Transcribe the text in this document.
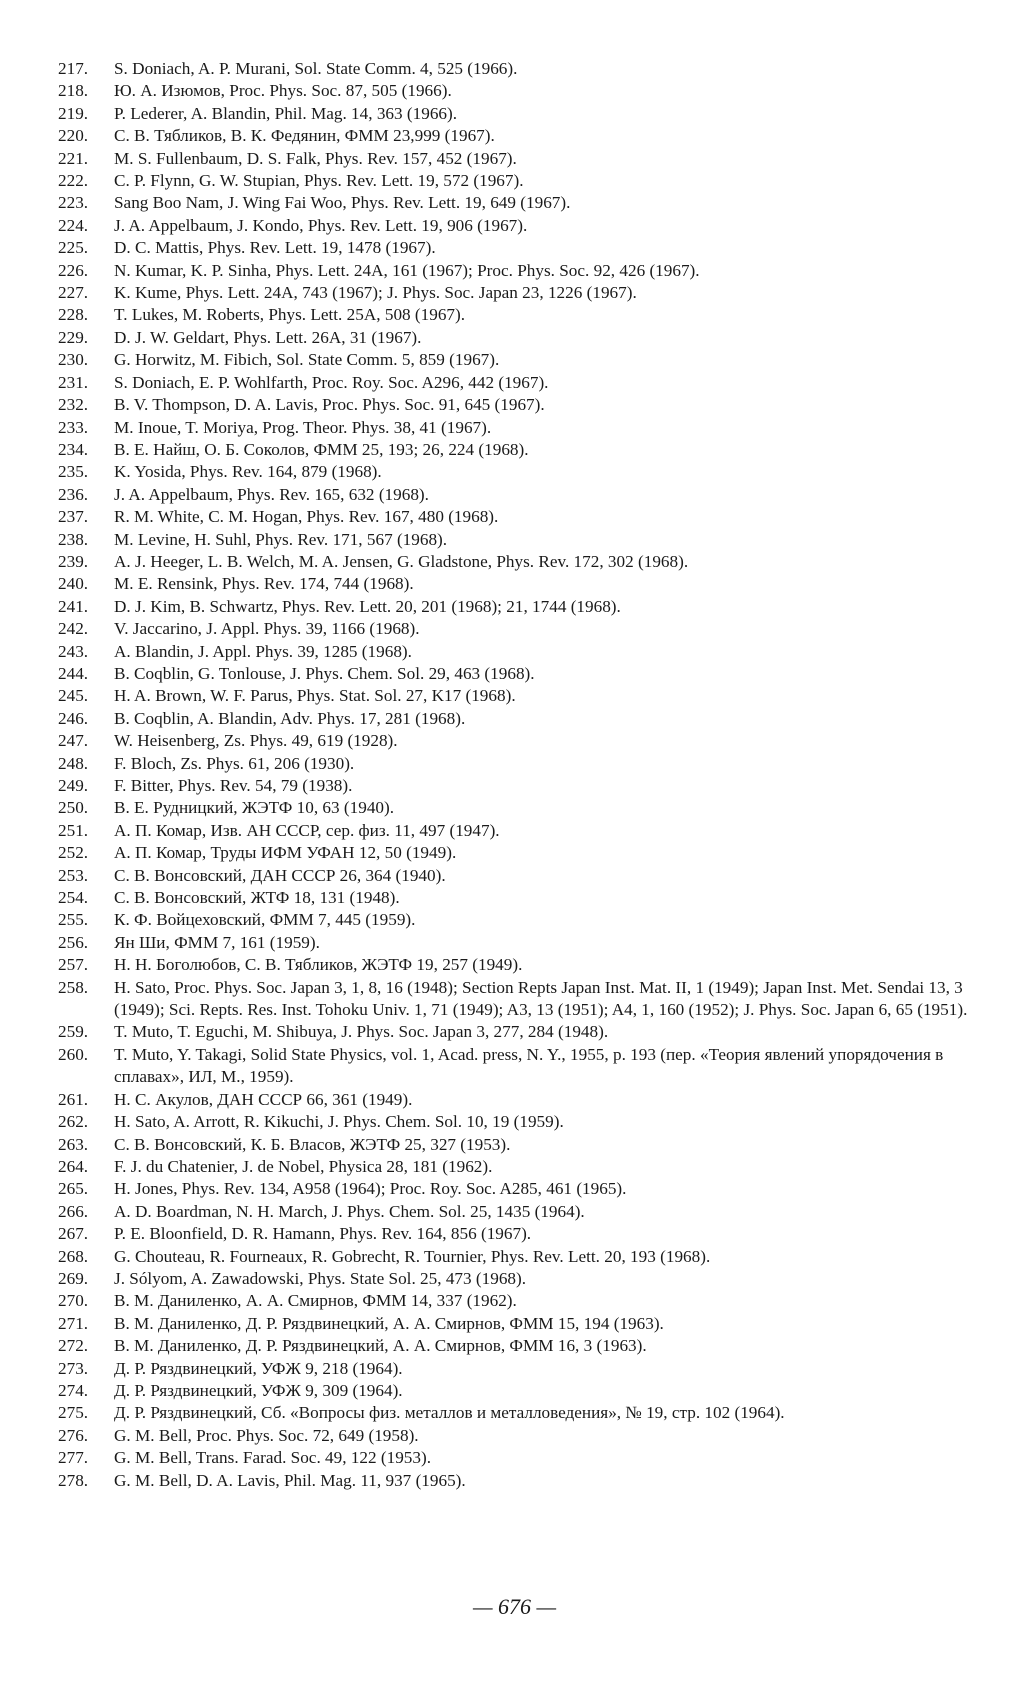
217.	S. Doniach, A. P. Murani, Sol. State Comm. 4, 525 (1966).
218.	Ю. А. Изюмов, Proc. Phys. Soc. 87, 505 (1966).
219.	P. Lederer, A. Blandin, Phil. Mag. 14, 363 (1966).
220.	С. В. Тябликов, В. К. Федянин, ФММ 23,999 (1967).
221.	M. S. Fullenbaum, D. S. Falk, Phys. Rev. 157, 452 (1967).
222.	C. P. Flynn, G. W. Stupian, Phys. Rev. Lett. 19, 572 (1967).
223.	Sang Boo Nam, J. Wing Fai Woo, Phys. Rev. Lett. 19, 649 (1967).
224.	J. A. Appelbaum, J. Kondo, Phys. Rev. Lett. 19, 906 (1967).
225.	D. C. Mattis, Phys. Rev. Lett. 19, 1478 (1967).
226.	N. Kumar, K. P. Sinha, Phys. Lett. 24A, 161 (1967); Proc. Phys. Soc. 92, 426 (1967).
227.	K. Kume, Phys. Lett. 24A, 743 (1967); J. Phys. Soc. Japan 23, 1226 (1967).
228.	T. Lukes, M. Roberts, Phys. Lett. 25A, 508 (1967).
229.	D. J. W. Geldart, Phys. Lett. 26A, 31 (1967).
230.	G. Horwitz, M. Fibich, Sol. State Comm. 5, 859 (1967).
231.	S. Doniach, E. P. Wohlfarth, Proc. Roy. Soc. A296, 442 (1967).
232.	B. V. Thompson, D. A. Lavis, Proc. Phys. Soc. 91, 645 (1967).
233.	M. Inoue, T. Moriya, Prog. Theor. Phys. 38, 41 (1967).
234.	В. Е. Найш, О. Б. Соколов, ФММ 25, 193; 26, 224 (1968).
235.	K. Yosida, Phys. Rev. 164, 879 (1968).
236.	J. A. Appelbaum, Phys. Rev. 165, 632 (1968).
237.	R. M. White, C. M. Hogan, Phys. Rev. 167, 480 (1968).
238.	M. Levine, H. Suhl, Phys. Rev. 171, 567 (1968).
239.	A. J. Heeger, L. B. Welch, M. A. Jensen, G. Gladstone, Phys. Rev. 172, 302 (1968).
240.	M. E. Rensink, Phys. Rev. 174, 744 (1968).
241.	D. J. Kim, B. Schwartz, Phys. Rev. Lett. 20, 201 (1968); 21, 1744 (1968).
242.	V. Jaccarino, J. Appl. Phys. 39, 1166 (1968).
243.	A. Blandin, J. Appl. Phys. 39, 1285 (1968).
244.	B. Coqblin, G. Tonlouse, J. Phys. Chem. Sol. 29, 463 (1968).
245.	H. A. Brown, W. F. Parus, Phys. Stat. Sol. 27, K17 (1968).
246.	B. Coqblin, A. Blandin, Adv. Phys. 17, 281 (1968).
247.	W. Heisenberg, Zs. Phys. 49, 619 (1928).
248.	F. Bloch, Zs. Phys. 61, 206 (1930).
249.	F. Bitter, Phys. Rev. 54, 79 (1938).
250.	В. Е. Рудницкий, ЖЭТФ 10, 63 (1940).
251.	А. П. Комар, Изв. АН СССР, сер. физ. 11, 497 (1947).
252.	А. П. Комар, Труды ИФМ УФАН 12, 50 (1949).
253.	С. В. Вонсовский, ДАН СССР 26, 364 (1940).
254.	С. В. Вонсовский, ЖТФ 18, 131 (1948).
255.	К. Ф. Войцеховский, ФММ 7, 445 (1959).
256.	Ян Ши, ФММ 7, 161 (1959).
257.	Н. Н. Боголюбов, С. В. Тябликов, ЖЭТФ 19, 257 (1949).
258.	H. Sato, Proc. Phys. Soc. Japan 3, 1, 8, 16 (1948); Section Repts Japan Inst. Mat. II, 1 (1949); Japan Inst. Met. Sendai 13, 3 (1949); Sci. Repts. Res. Inst. Tohoku Univ. 1, 71 (1949); A3, 13 (1951); A4, 1, 160 (1952); J. Phys. Soc. Japan 6, 65 (1951).
259.	T. Muto, T. Eguchi, M. Shibuya, J. Phys. Soc. Japan 3, 277, 284 (1948).
260.	T. Muto, Y. Takagi, Solid State Physics, vol. 1, Acad. press, N. Y., 1955, p. 193 (пер. «Теория явлений упорядочения в сплавах», ИЛ, М., 1959).
261.	Н. С. Акулов, ДАН СССР 66, 361 (1949).
262.	H. Sato, A. Arrott, R. Kikuchi, J. Phys. Chem. Sol. 10, 19 (1959).
263.	С. В. Вонсовский, К. Б. Власов, ЖЭТФ 25, 327 (1953).
264.	F. J. du Chatenier, J. de Nobel, Physica 28, 181 (1962).
265.	H. Jones, Phys. Rev. 134, A958 (1964); Proc. Roy. Soc. A285, 461 (1965).
266.	A. D. Boardman, N. H. March, J. Phys. Chem. Sol. 25, 1435 (1964).
267.	P. E. Bloonfield, D. R. Hamann, Phys. Rev. 164, 856 (1967).
268.	G. Chouteau, R. Fourneaux, R. Gobrecht, R. Tournier, Phys. Rev. Lett. 20, 193 (1968).
269.	J. Sólyom, A. Zawadowski, Phys. State Sol. 25, 473 (1968).
270.	В. М. Даниленко, А. А. Смирнов, ФММ 14, 337 (1962).
271.	В. М. Даниленко, Д. Р. Ряздвинецкий, А. А. Смирнов, ФММ 15, 194 (1963).
272.	В. М. Даниленко, Д. Р. Ряздвинецкий, А. А. Смирнов, ФММ 16, 3 (1963).
273.	Д. Р. Ряздвинецкий, УФЖ 9, 218 (1964).
274.	Д. Р. Ряздвинецкий, УФЖ 9, 309 (1964).
275.	Д. Р. Ряздвинецкий, Сб. «Вопросы физ. металлов и металловедения», № 19, стр. 102 (1964).
276.	G. M. Bell, Proc. Phys. Soc. 72, 649 (1958).
277.	G. M. Bell, Trans. Farad. Soc. 49, 122 (1953).
278.	G. M. Bell, D. A. Lavis, Phil. Mag. 11, 937 (1965).
— 676 —
